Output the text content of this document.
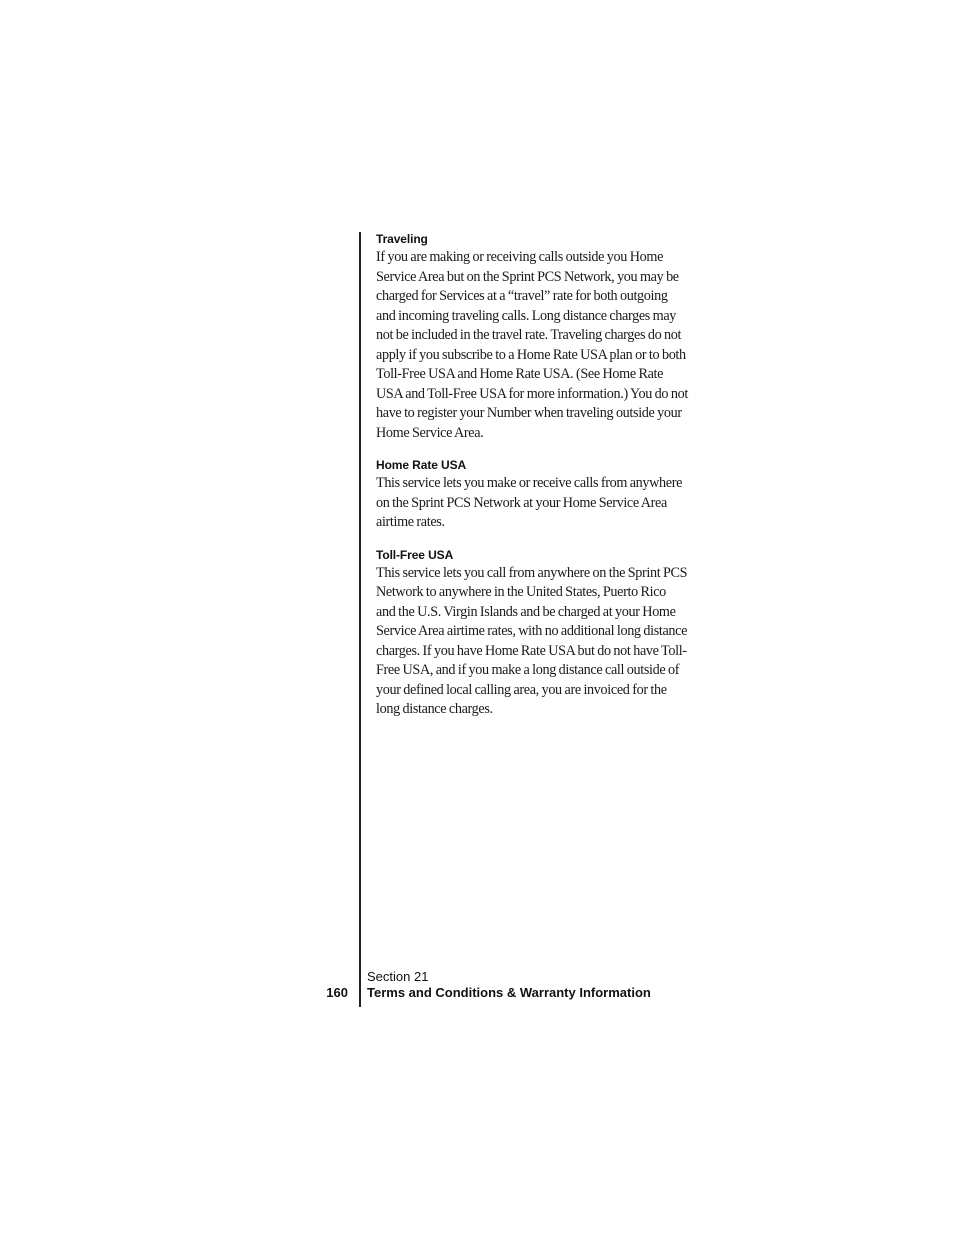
Traveling

If you are making or receiving calls outside you Home Service Area but on the Sprint PCS Network, you may be charged for Services at a “travel” rate for both outgoing and incoming traveling calls. Long distance charges may not be included in the travel rate. Traveling charges do not apply if you subscribe to a Home Rate USA plan or to both Toll-Free USA and Home Rate USA. (See Home Rate USA and Toll-Free USA for more information.) You do not have to register your Number when traveling outside your Home Service Area.

Home Rate USA

This service lets you make or receive calls from anywhere on the Sprint PCS Network at your Home Service Area airtime rates.

Toll-Free USA

This service lets you call from anywhere on the Sprint PCS Network to anywhere in the United States, Puerto Rico and the U.S. Virgin Islands and be charged at your Home Service Area airtime rates, with no additional long distance charges. If you have Home Rate USA but do not have Toll-Free USA, and if you make a long distance call outside of your defined local calling area, you are invoiced for the long distance charges.

Section 21
160 Terms and Conditions & Warranty Information
